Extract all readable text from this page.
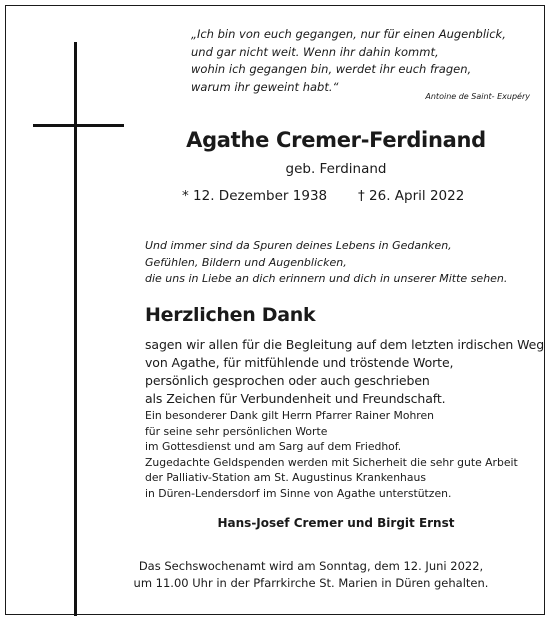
„Ich bin von euch gegangen, nur für einen Augenblick,
und gar nicht weit. Wenn ihr dahin kommt,
wohin ich gegangen bin, werdet ihr euch fragen,
warum ihr geweint habt.“
Antoine de Saint- Exupéry
Agathe Cremer-Ferdinand
geb. Ferdinand
* 12. Dezember 1938 † 26. April 2022
Und immer sind da Spuren deines Lebens in Gedanken,
Gefühlen, Bildern und Augenblicken,
die uns in Liebe an dich erinnern und dich in unserer Mitte sehen.
Herzlichen Dank
sagen wir allen für die Begleitung auf dem letzten irdischen Weg
von Agathe, für mitfühlende und tröstende Worte,
persönlich gesprochen oder auch geschrieben
als Zeichen für Verbundenheit und Freundschaft.
Ein besonderer Dank gilt Herrn Pfarrer Rainer Mohren
für seine sehr persönlichen Worte
im Gottesdienst und am Sarg auf dem Friedhof.
Zugedachte Geldspenden werden mit Sicherheit die sehr gute Arbeit
der Palliativ-Station am St. Augustinus Krankenhaus
in Düren-Lendersdorf im Sinne von Agathe unterstützen.
Hans-Josef Cremer und Birgit Ernst
Das Sechswochenamt wird am Sonntag, dem 12. Juni 2022,
um 11.00 Uhr in der Pfarrkirche St. Marien in Düren gehalten.
